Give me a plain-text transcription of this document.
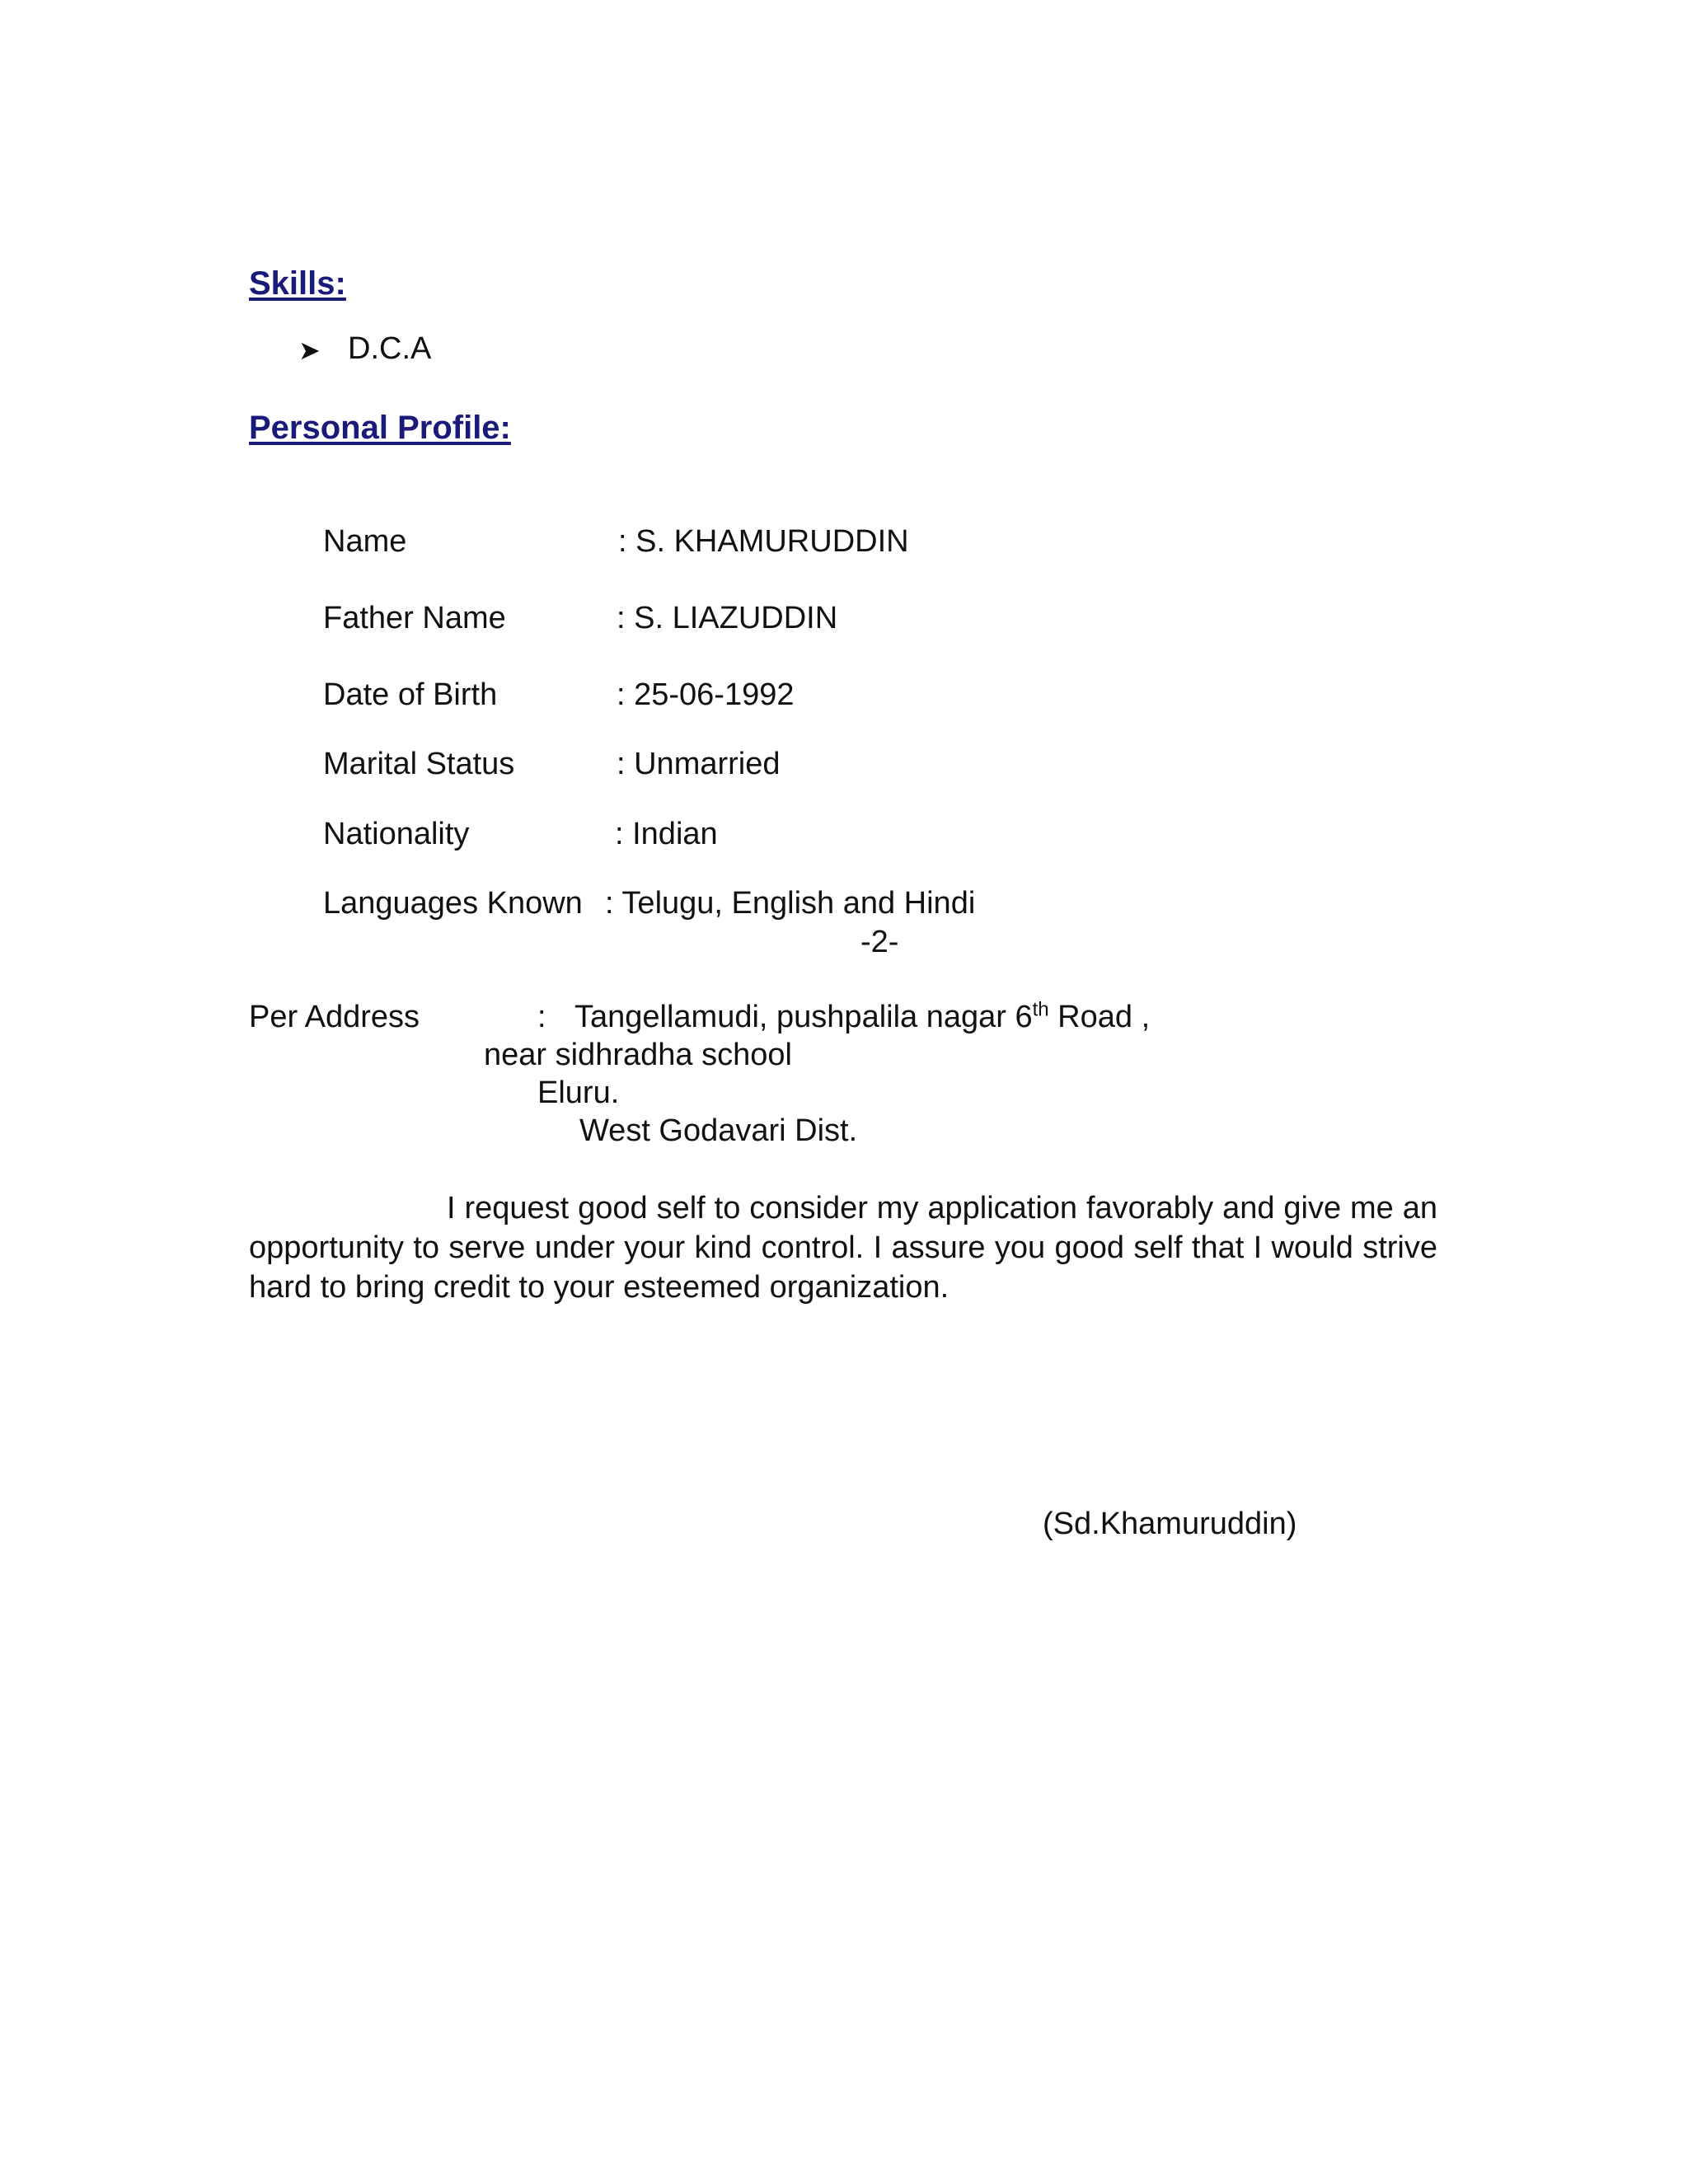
Skills:
➤ D.C.A
Personal Profile:
Name	: S. KHAMURUDDIN
Father Name	: S. LIAZUDDIN
Date of Birth	: 25-06-1992
Marital Status	: Unmarried
Nationality	: Indian
Languages Known : Telugu, English and Hindi
-2-
Per Address	: Tangellamudi, pushpalila nagar 6th Road ,
near sidhradha school
Eluru.
West Godavari Dist.
I request good self to consider my application favorably and give me an opportunity to serve under your kind control. I assure you good self that I would strive hard to bring credit to your esteemed organization.
(Sd.Khamuruddin)
